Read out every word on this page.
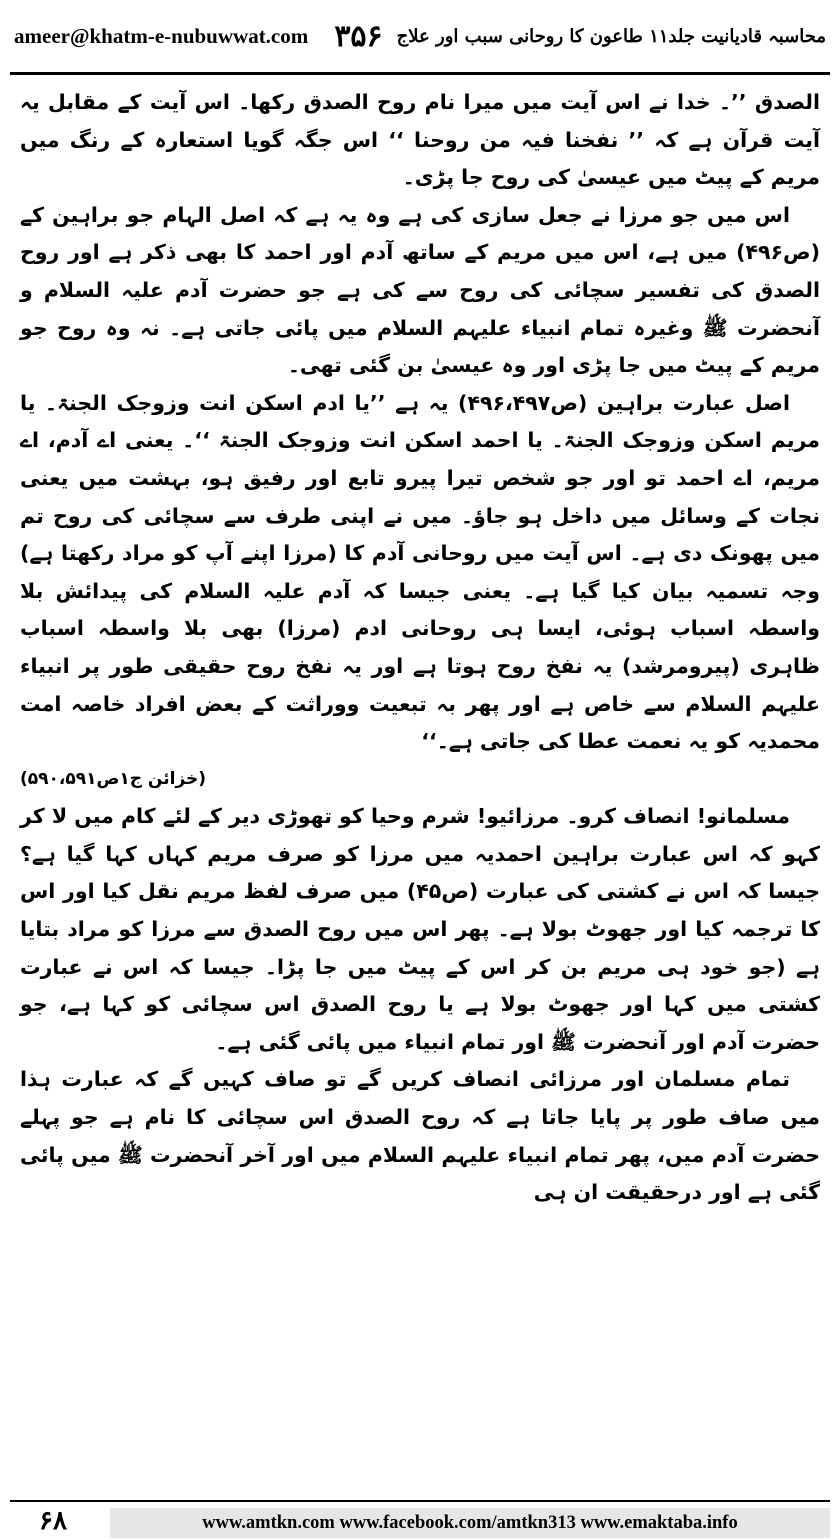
ameer@khatm-e-nubuwwat.com	محاسبہ قادیانیت جلد۱۱ طاعون کا روحانی سبب اور علاج
۳۵۶

الصدق ’’۔ خدا نے اس آیت میں میرا نام روح الصدق رکھا۔ اس آیت کے مقابل یہ آیت قرآن ہے کہ ’’ نفخنا فیہ من روحنا ‘‘ اس جگہ گویا استعارہ کے رنگ میں مریم کے پیٹ میں عیسیٰ کی روح جا پڑی۔

اس میں جو مرزا نے جعل سازی کی ہے وہ یہ ہے کہ اصل الہام جو براہین کے (ص۴۹۶) میں ہے، اس میں مریم کے ساتھ آدم اور احمد کا بھی ذکر ہے اور روح الصدق کی تفسیر سچائی کی روح سے کی ہے جو حضرت آدم علیہ السلام و آنحضرت ﷺ وغیرہ تمام انبیاء علیہم السلام میں پائی جاتی ہے۔ نہ وہ روح جو مریم کے پیٹ میں جا پڑی اور وہ عیسیٰ بن گئی تھی۔

اصل عبارت براہین (ص۴۹۶،۴۹۷) یہ ہے ’’یا ادم اسکن انت وزوجک الجنۃ۔ یا مریم اسکن وزوجک الجنۃ۔ یا احمد اسکن انت وزوجک الجنۃ ‘‘۔ یعنی اے آدم، اے مریم، اے احمد تو اور جو شخص تیرا پیرو تابع اور رفیق ہو، بہشت میں یعنی نجات کے وسائل میں داخل ہو جاؤ۔ میں نے اپنی طرف سے سچائی کی روح تم میں پھونک دی ہے۔ اس آیت میں روحانی آدم کا (مرزا اپنے آپ کو مراد رکھتا ہے) وجہ تسمیہ بیان کیا گیا ہے۔ یعنی جیسا کہ آدم علیہ السلام کی پیدائش بلا واسطہ اسباب ہوئی، ایسا ہی روحانی ادم (مرزا) بھی بلا واسطہ اسباب ظاہری (پیرومرشد) یہ نفخ روح ہوتا ہے اور یہ نفخ روح حقیقی طور پر انبیاء علیہم السلام سے خاص ہے اور پھر بہ تبعیت ووراثت کے بعض افراد خاصہ امت محمدیہ کو یہ نعمت عطا کی جاتی ہے۔‘‘

(خزائن ج۱ص۵۹۰،۵۹۱)

مسلمانو! انصاف کرو۔ مرزائیو! شرم وحیا کو تھوڑی دیر کے لئے کام میں لا کر کہو کہ اس عبارت براہین احمدیہ میں مرزا کو صرف مریم کہاں کہا گیا ہے؟ جیسا کہ اس نے کشتی کی عبارت (ص۴۵) میں صرف لفظ مریم نقل کیا اور اس کا ترجمہ کیا اور جھوٹ بولا ہے۔ پھر اس میں روح الصدق سے مرزا کو مراد بتایا ہے (جو خود ہی مریم بن کر اس کے پیٹ میں جا پڑا۔ جیسا کہ اس نے عبارت کشتی میں کہا اور جھوٹ بولا ہے یا روح الصدق اس سچائی کو کہا ہے، جو حضرت آدم اور آنحضرت ﷺ اور تمام انبیاء میں پائی گئی ہے۔

تمام مسلمان اور مرزائی انصاف کریں گے تو صاف کہیں گے کہ عبارت ہذا میں صاف طور پر پایا جاتا ہے کہ روح الصدق اس سچائی کا نام ہے جو پہلے حضرت آدم میں، پھر تمام انبیاء علیہم السلام میں اور آخر آنحضرت ﷺ میں پائی گئی ہے اور درحقیقت ان ہی

۶۸	www.amtkn.com www.facebook.com/amtkn313 www.emaktaba.info
